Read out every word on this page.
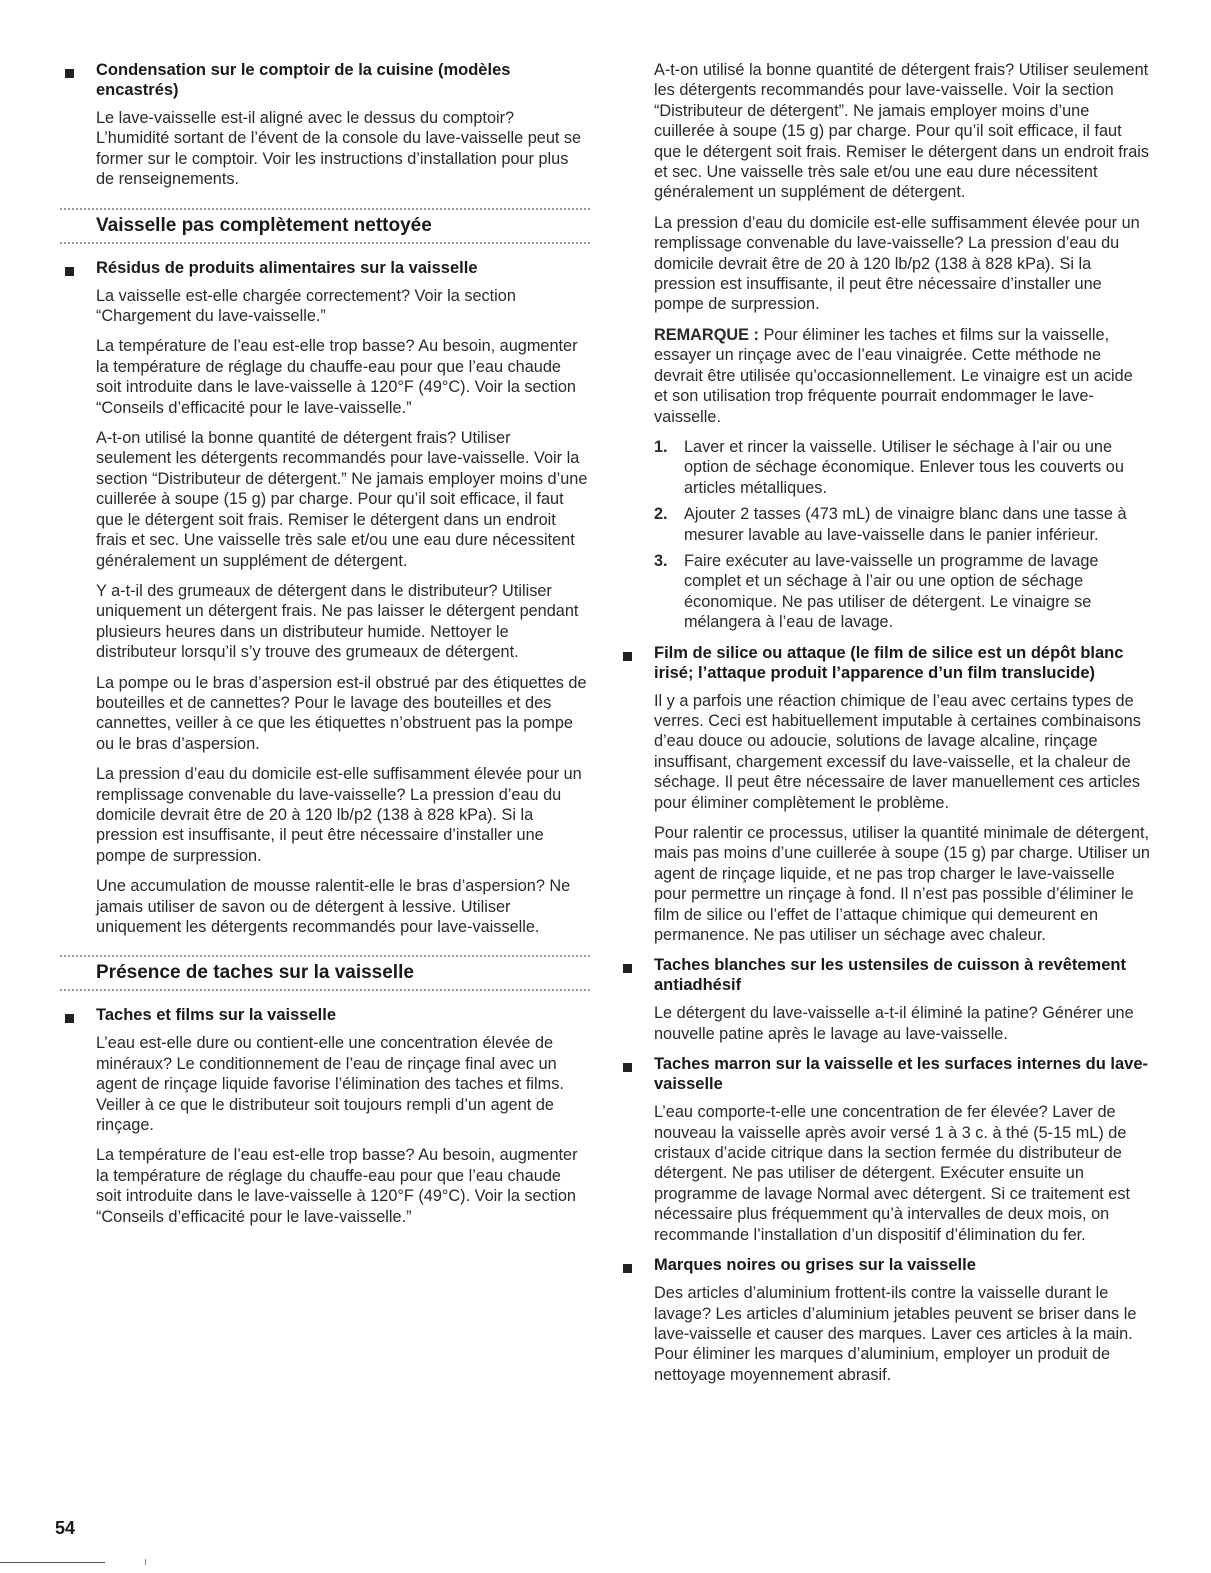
Condensation sur le comptoir de la cuisine (modèles encastrés)

Le lave-vaisselle est-il aligné avec le dessus du comptoir? L’humidité sortant de l’évent de la console du lave-vaisselle peut se former sur le comptoir. Voir les instructions d’installation pour plus de renseignements.

Vaisselle pas complètement nettoyée

Résidus de produits alimentaires sur la vaisselle

La vaisselle est-elle chargée correctement? Voir la section “Chargement du lave-vaisselle.”

La température de l’eau est-elle trop basse? Au besoin, augmenter la température de réglage du chauffe-eau pour que l’eau chaude soit introduite dans le lave-vaisselle à 120°F (49°C). Voir la section “Conseils d’efficacité pour le lave-vaisselle.”

A-t-on utilisé la bonne quantité de détergent frais? Utiliser seulement les détergents recommandés pour lave-vaisselle. Voir la section “Distributeur de détergent.” Ne jamais employer moins d’une cuillerée à soupe (15 g) par charge. Pour qu’il soit efficace, il faut que le détergent soit frais. Remiser le détergent dans un endroit frais et sec. Une vaisselle très sale et/ou une eau dure nécessitent généralement un supplément de détergent.

Y a-t-il des grumeaux de détergent dans le distributeur? Utiliser uniquement un détergent frais. Ne pas laisser le détergent pendant plusieurs heures dans un distributeur humide. Nettoyer le distributeur lorsqu’il s’y trouve des grumeaux de détergent.

La pompe ou le bras d’aspersion est-il obstrué par des étiquettes de bouteilles et de cannettes? Pour le lavage des bouteilles et des cannettes, veiller à ce que les étiquettes n’obstruent pas la pompe ou le bras d’aspersion.

La pression d’eau du domicile est-elle suffisamment élevée pour un remplissage convenable du lave-vaisselle? La pression d’eau du domicile devrait être de 20 à 120 lb/p2 (138 à 828 kPa). Si la pression est insuffisante, il peut être nécessaire d’installer une pompe de surpression.

Une accumulation de mousse ralentit-elle le bras d’aspersion? Ne jamais utiliser de savon ou de détergent à lessive. Utiliser uniquement les détergents recommandés pour lave-vaisselle.

Présence de taches sur la vaisselle

Taches et films sur la vaisselle

L’eau est-elle dure ou contient-elle une concentration élevée de minéraux? Le conditionnement de l’eau de rinçage final avec un agent de rinçage liquide favorise l’élimination des taches et films. Veiller à ce que le distributeur soit toujours rempli d’un agent de rinçage.

La température de l’eau est-elle trop basse? Au besoin, augmenter la température de réglage du chauffe-eau pour que l’eau chaude soit introduite dans le lave-vaisselle à 120°F (49°C). Voir la section “Conseils d’efficacité pour le lave-vaisselle.”

A-t-on utilisé la bonne quantité de détergent frais? Utiliser seulement les détergents recommandés pour lave-vaisselle. Voir la section “Distributeur de détergent”. Ne jamais employer moins d’une cuillerée à soupe (15 g) par charge. Pour qu’il soit efficace, il faut que le détergent soit frais. Remiser le détergent dans un endroit frais et sec. Une vaisselle très sale et/ou une eau dure nécessitent généralement un supplément de détergent.

La pression d’eau du domicile est-elle suffisamment élevée pour un remplissage convenable du lave-vaisselle? La pression d’eau du domicile devrait être de 20 à 120 lb/p2 (138 à 828 kPa). Si la pression est insuffisante, il peut être nécessaire d’installer une pompe de surpression.

REMARQUE : Pour éliminer les taches et films sur la vaisselle, essayer un rinçage avec de l’eau vinaigrée. Cette méthode ne devrait être utilisée qu’occasionnellement. Le vinaigre est un acide et son utilisation trop fréquente pourrait endommager le lave-vaisselle.

1. Laver et rincer la vaisselle. Utiliser le séchage à l’air ou une option de séchage économique. Enlever tous les couverts ou articles métalliques.
2. Ajouter 2 tasses (473 mL) de vinaigre blanc dans une tasse à mesurer lavable au lave-vaisselle dans le panier inférieur.
3. Faire exécuter au lave-vaisselle un programme de lavage complet et un séchage à l’air ou une option de séchage économique. Ne pas utiliser de détergent. Le vinaigre se mélangera à l’eau de lavage.

Film de silice ou attaque (le film de silice est un dépôt blanc irisé; l’attaque produit l’apparence d’un film translucide)

Il y a parfois une réaction chimique de l’eau avec certains types de verres. Ceci est habituellement imputable à certaines combinaisons d’eau douce ou adoucie, solutions de lavage alcaline, rinçage insuffisant, chargement excessif du lave-vaisselle, et la chaleur de séchage. Il peut être nécessaire de laver manuellement ces articles pour éliminer complètement le problème.

Pour ralentir ce processus, utiliser la quantité minimale de détergent, mais pas moins d’une cuillerée à soupe (15 g) par charge. Utiliser un agent de rinçage liquide, et ne pas trop charger le lave-vaisselle pour permettre un rinçage à fond. Il n’est pas possible d’éliminer le film de silice ou l’effet de l’attaque chimique qui demeurent en permanence. Ne pas utiliser un séchage avec chaleur.

Taches blanches sur les ustensiles de cuisson à revêtement antiadhésif

Le détergent du lave-vaisselle a-t-il éliminé la patine? Générer une nouvelle patine après le lavage au lave-vaisselle.

Taches marron sur la vaisselle et les surfaces internes du lave-vaisselle

L’eau comporte-t-elle une concentration de fer élevée? Laver de nouveau la vaisselle après avoir versé 1 à 3 c. à thé (5-15 mL) de cristaux d’acide citrique dans la section fermée du distributeur de détergent. Ne pas utiliser de détergent. Exécuter ensuite un programme de lavage Normal avec détergent. Si ce traitement est nécessaire plus fréquemment qu’à intervalles de deux mois, on recommande l’installation d’un dispositif d’élimination du fer.

Marques noires ou grises sur la vaisselle

Des articles d’aluminium frottent-ils contre la vaisselle durant le lavage? Les articles d’aluminium jetables peuvent se briser dans le lave-vaisselle et causer des marques. Laver ces articles à la main. Pour éliminer les marques d’aluminium, employer un produit de nettoyage moyennement abrasif.

54
